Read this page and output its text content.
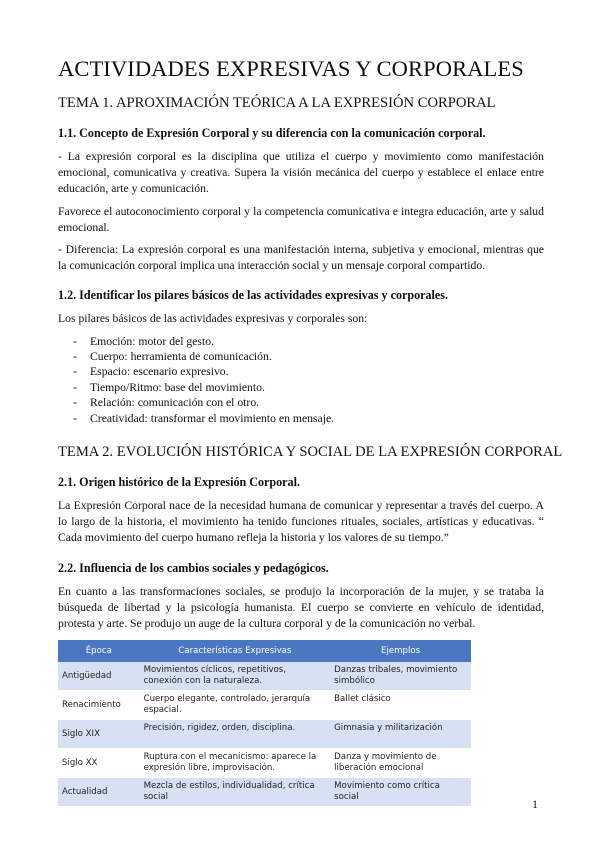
ACTIVIDADES EXPRESIVAS Y CORPORALES
TEMA 1. APROXIMACIÓN TEÓRICA A LA EXPRESIÓN CORPORAL
1.1. Concepto de Expresión Corporal y su diferencia con la comunicación corporal.

- La expresión corporal es la disciplina que utiliza el cuerpo y movimiento como manifestación emocional, comunicativa y creativa. Supera la visión mecánica del cuerpo y establece el enlace entre educación, arte y comunicación.

Favorece el autoconocimiento corporal y la competencia comunicativa e integra educación, arte y salud emocional.

- Diferencia: La expresión corporal es una manifestación interna, subjetiva y emocional, mientras que la comunicación corporal implica una interacción social y un mensaje corporal compartido.

1.2. Identificar los pilares básicos de las actividades expresivas y corporales.

Los pilares básicos de las actividades expresivas y corporales son:

- Emoción: motor del gesto.
- Cuerpo: herramienta de comunicación.
- Espacio: escenario expresivo.
- Tiempo/Ritmo: base del movimiento.
- Relación: comunicación con el otro.
- Creatividad: transformar el movimiento en mensaje.
TEMA 2. EVOLUCIÓN HISTÓRICA Y SOCIAL DE LA EXPRESIÓN CORPORAL
2.1. Origen histórico de la Expresión Corporal.

La Expresión Corporal nace de la necesidad humana de comunicar y representar a través del cuerpo. A lo largo de la historia, el movimiento ha tenido funciones rituales, sociales, artísticas y educativas. “ Cada movimiento del cuerpo humano refleja la historia y los valores de su tiempo.”

2.2. Influencia de los cambios sociales y pedagógicos.

En cuanto a las transformaciones sociales, se produjo la incorporación de la mujer, y se trataba la búsqueda de libertad y la psicología humanista. El cuerpo se convierte en vehículo de identidad, protesta y arte. Se produjo un auge de la cultura corporal y de la comunicación no verbal.

Época	Características Expresivas	Ejemplos
Antigüedad	Movimientos cíclicos, repetitivos, conexión con la naturaleza.	Danzas tribales, movimiento simbólico
Renacimiento	Cuerpo elegante, controlado, jerarquía espacial.	Ballet clásico
Siglo XIX	Precisión, rigidez, orden, disciplina.	Gimnasia y militarización
Siglo XX	Ruptura con el mecanicismo: aparece la expresión libre, improvisación.	Danza y movimiento de liberación emocional
Actualidad	Mezcla de estilos, individualidad, crítica social	Movimiento como crítica social	1
